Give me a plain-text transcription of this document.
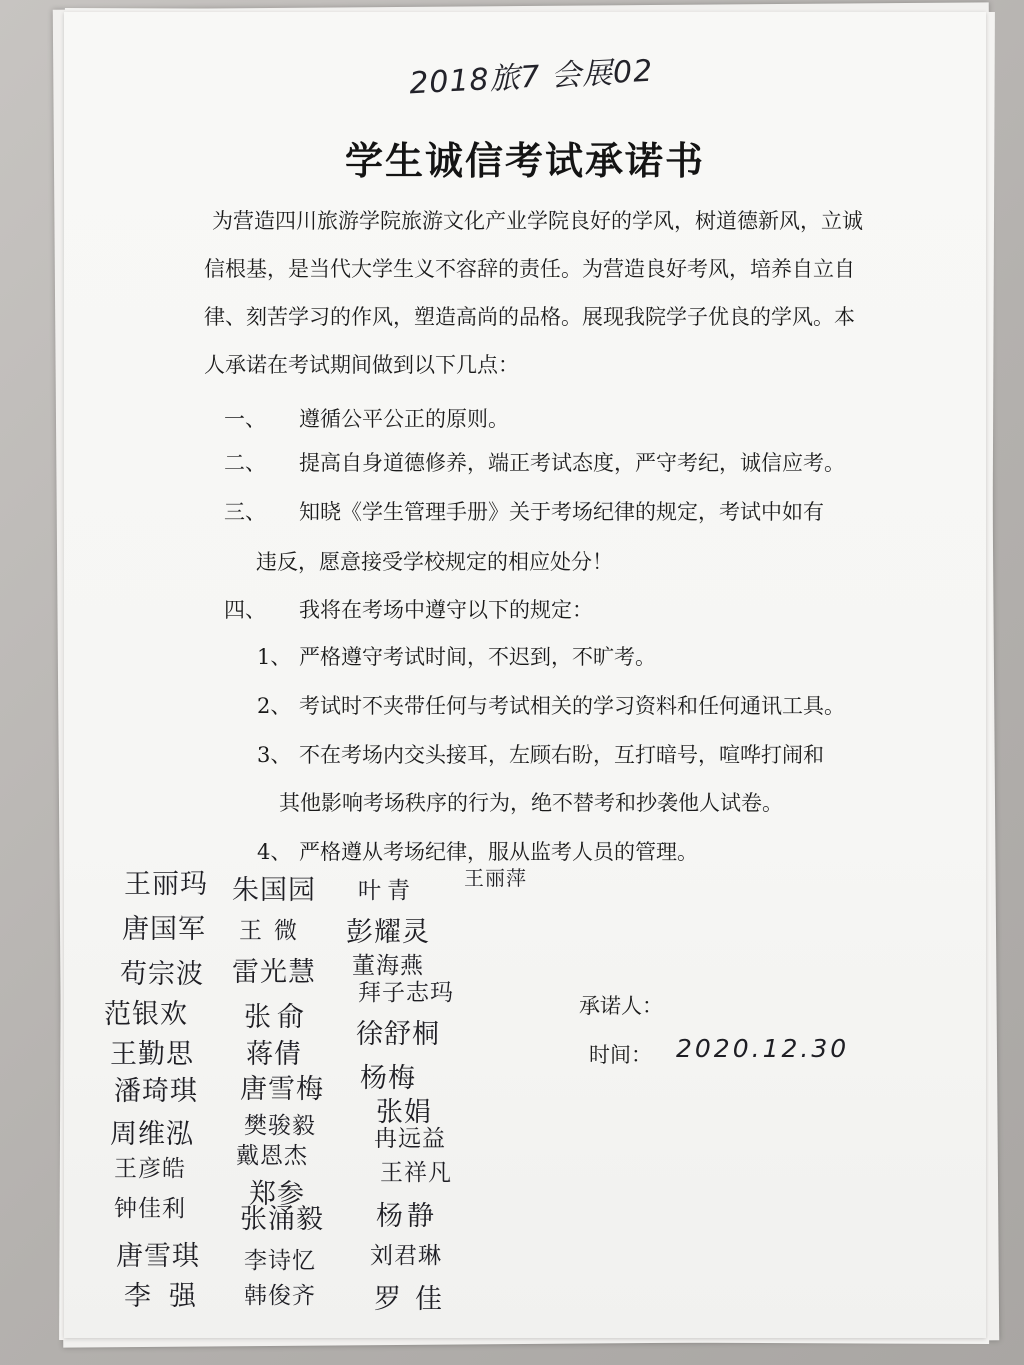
2018旅7 会展02
学生诚信考试承诺书

为营造四川旅游学院旅游文化产业学院良好的学风，树道德新风，立诚信根基，是当代大学生义不容辞的责任。为营造良好考风，培养自立自律、刻苦学习的作风，塑造高尚的品格。展现我院学子优良的学风。本人承诺在考试期间做到以下几点：

一、 遵循公平公正的原则。
二、 提高自身道德修养，端正考试态度，严守考纪，诚信应考。
三、 知晓《学生管理手册》关于考场纪律的规定，考试中如有
违反，愿意接受学校规定的相应处分！
四、 我将在考场中遵守以下的规定：
1、 严格遵守考试时间，不迟到，不旷考。
2、 考试时不夹带任何与考试相关的学习资料和任何通讯工具。
3、 不在考场内交头接耳，左顾右盼，互打暗号，喧哗打闹和
其他影响考场秩序的行为，绝不替考和抄袭他人试卷。
4、 严格遵从考场纪律，服从监考人员的管理。
王丽玛
唐国军
苟宗波
范银欢
王勤思
潘琦琪
周维泓
王彦皓
钟佳利
唐雪琪
李强
朱国园
王微
雷光慧
张俞
蒋倩
唐雪梅
樊骏毅
戴恩杰
郑参
张涌毅
李诗忆
韩俊齐
叶青
彭耀灵
董海燕
拜子志玛
徐舒桐
杨梅
张娟
冉远益
王祥凡
杨静
刘君琳
罗佳
王丽萍
承诺人：
时间： 2020.12.30
